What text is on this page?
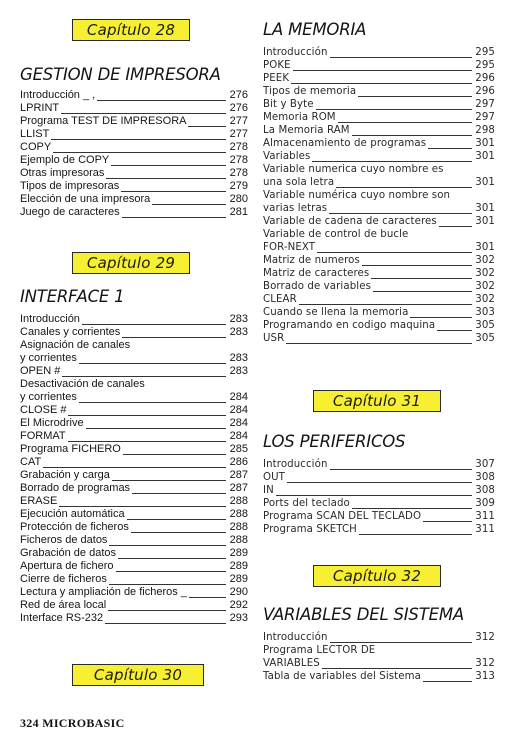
Capítulo 28
GESTION DE IMPRESORA
Introducción _ ,	276
LPRINT	276
Programa TEST DE IMPRESORA	277
LLIST	277
COPY	278
Ejemplo de COPY	278
Otras impresoras	278
Tipos de impresoras	279
Elección de una impresora	280
Juego de caracteres	281
Capítulo 29
INTERFACE 1
Introducción	283
Canales y corrientes	283
Asignación de canales
y corrientes	283
OPEN #	283
Desactivación de canales
y corrientes	284
CLOSE #	284
El Microdrive	284
FORMAT	284
Programa FICHERO	285
CAT	286
Grabación y carga	287
Borrado de programas	287
ERASE	288
Ejecución automática	288
Protección de ficheros	288
Ficheros de datos	288
Grabación de datos	289
Apertura de fichero	289
Cierre de ficheros	289
Lectura y ampliación de ficheros _	290
Red de área local	292
Interface RS-232	293
Capítulo 30
LA MEMORIA
Introducción	295
POKE	295
PEEK	296
Tipos de memoria	296
Bit y Byte	297
Memoria ROM	297
La Memoria RAM	298
Almacenamiento de programas	301
Variables	301
Variable numerica cuyo nombre es
una sola letra	301
Variable numérica cuyo nombre son
varias letras	301
Variable de cadena de caracteres	301
Variable de control de bucle
FOR-NEXT	301
Matriz de numeros	302
Matriz de caracteres	302
Borrado de variables	302
CLEAR	302
Cuando se llena la memoria	303
Programando en codigo maquina	305
USR	305
Capítulo 31
LOS PERIFERICOS
Introducción	307
OUT	308
IN	308
Ports del teclado	309
Programa SCAN DEL TECLADO	311
Programa SKETCH	311
Capítulo 32
VARIABLES DEL SISTEMA
Introducción	312
Programa LECTOR DE
VARIABLES	312
Tabla de variables del Sistema	313
324 MICROBASIC
